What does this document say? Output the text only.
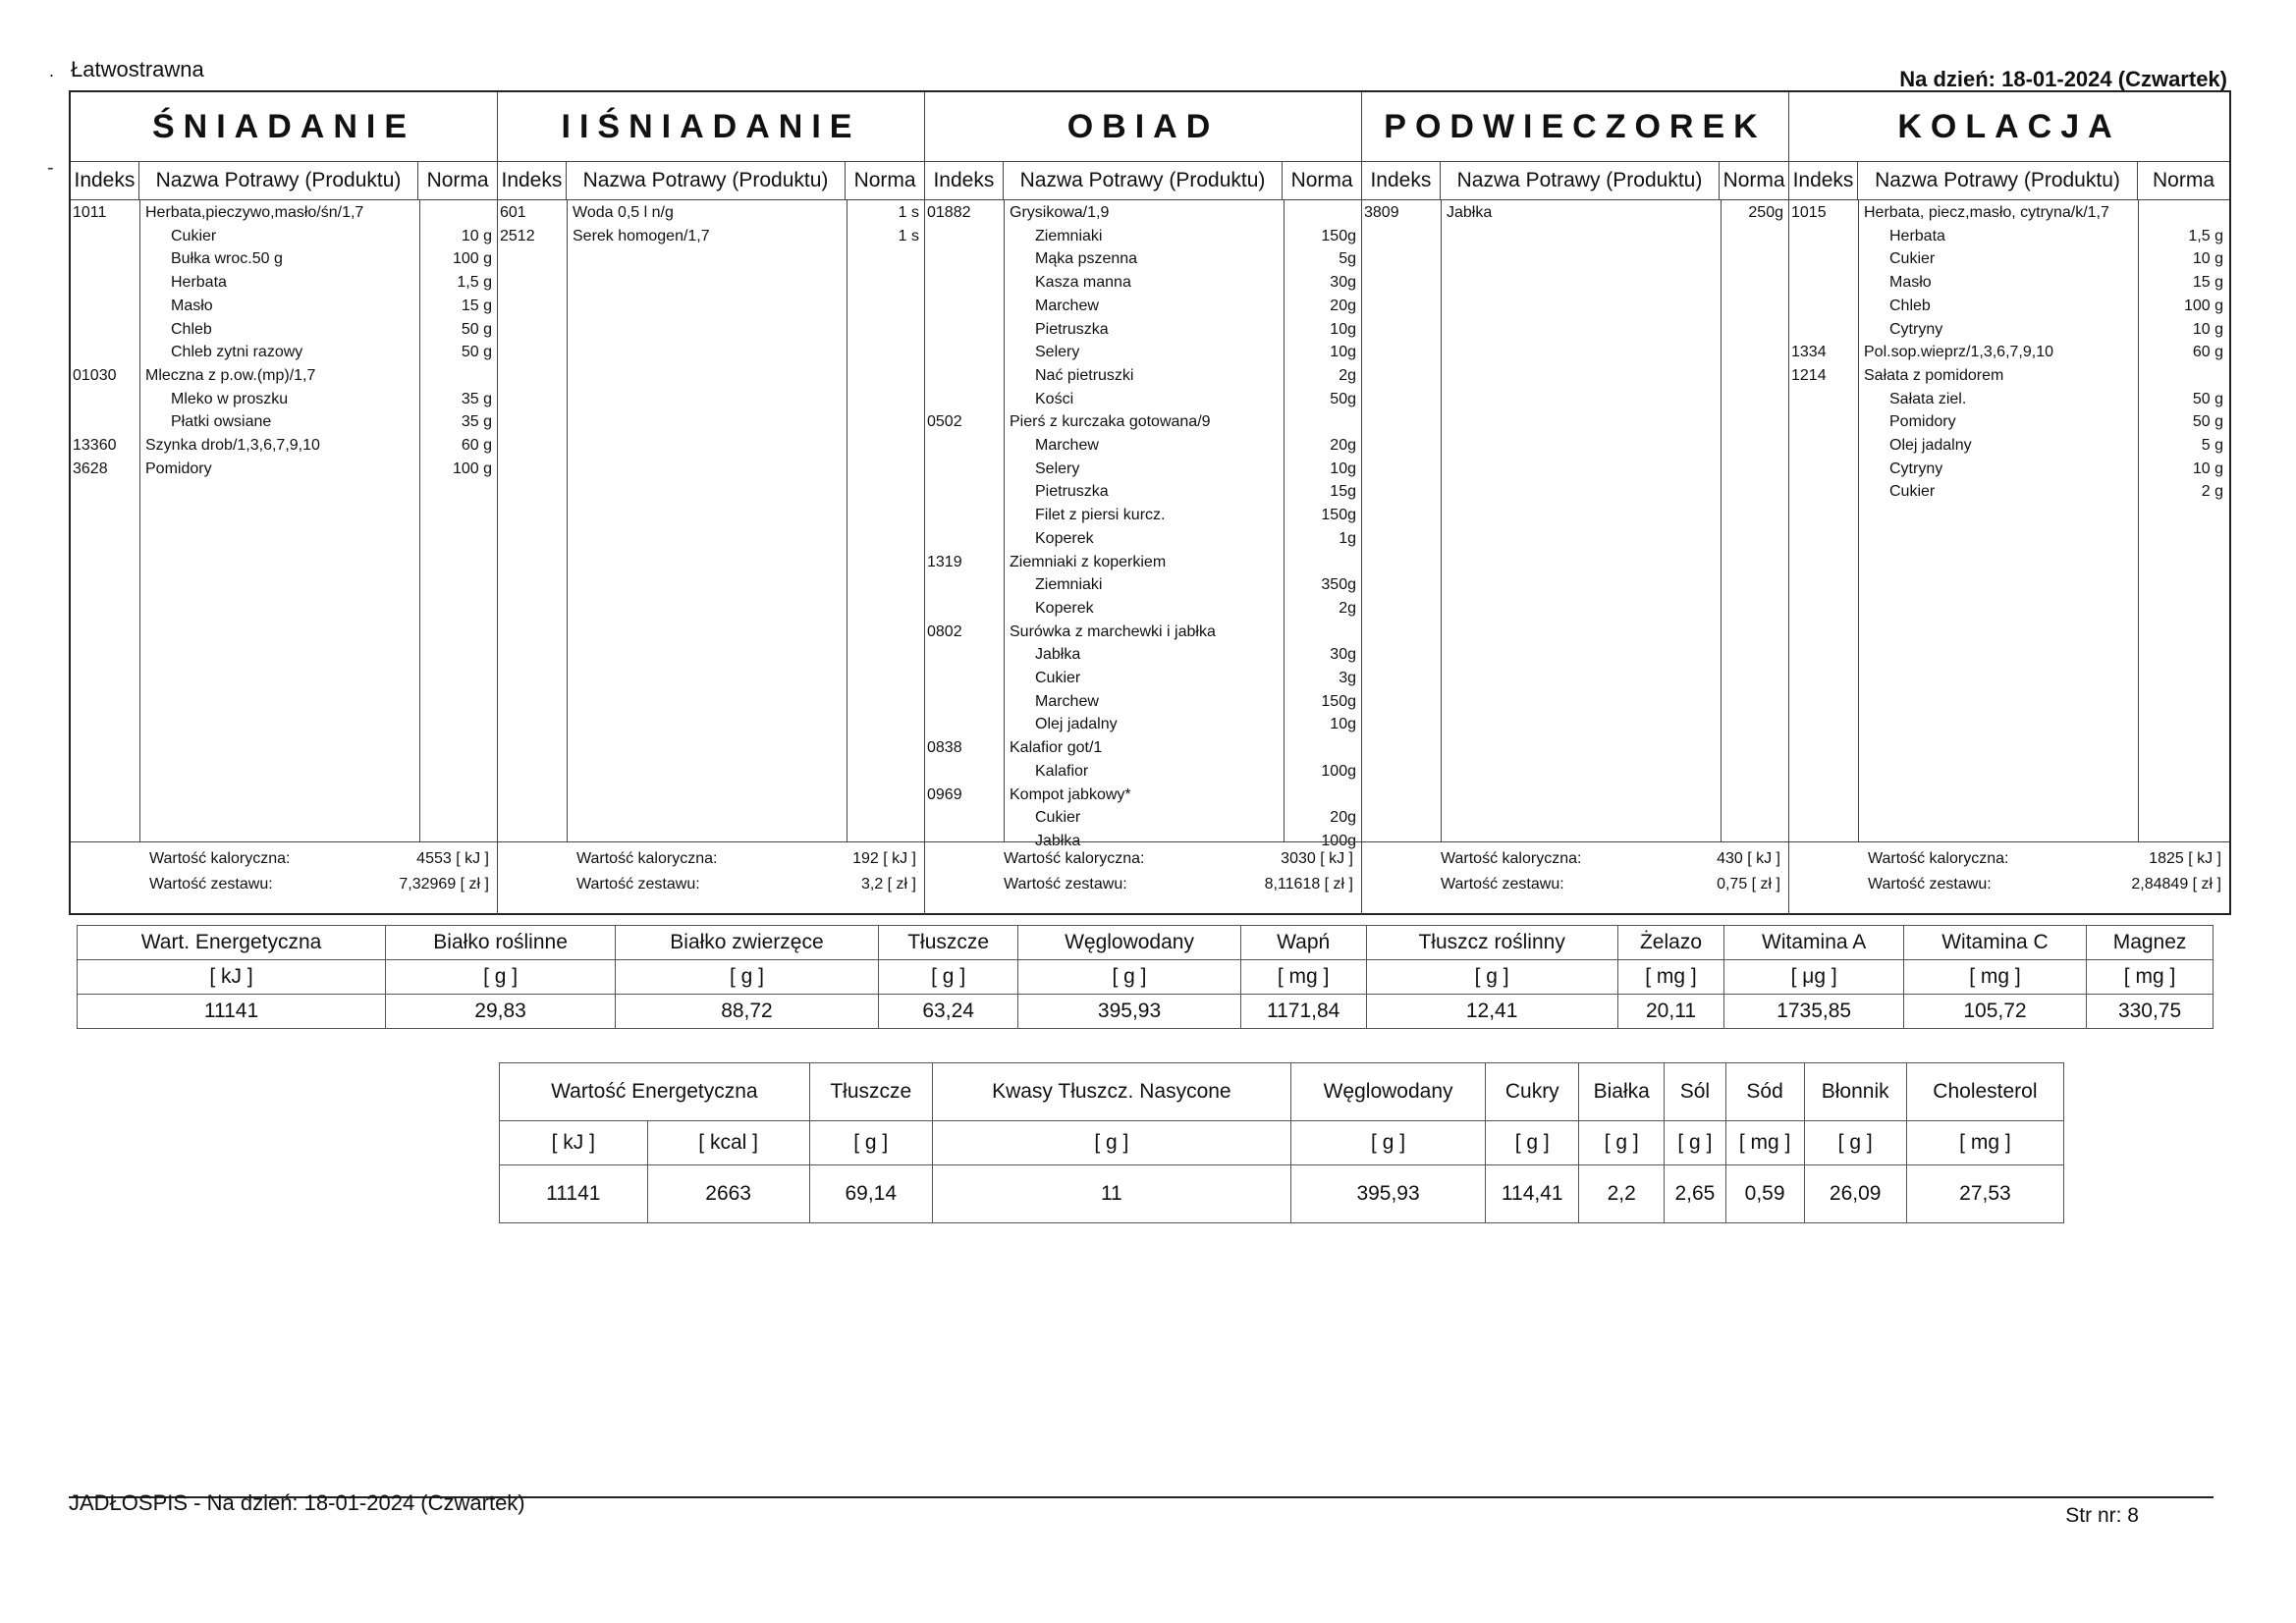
. Łatwostrawna
-
Na dzień: 18-01-2024 (Czwartek)
ŚNIADANIE
Indeks	Nazwa Potrawy (Produktu)	Norma
1011 Herbata,pieczywo,masło/śn/1,7
Cukier	10 g
Bułka wroc.50 g	100 g
Herbata	1,5 g
Masło	15 g
Chleb	50 g
Chleb zytni razowy	50 g
01030 Mleczna z p.ow.(mp)/1,7
Mleko w proszku	35 g
Płatki owsiane	35 g
13360 Szynka drob/1,3,6,7,9,10	60 g
3628 Pomidory	100 g
Wartość kaloryczna:	4553 [ kJ ]
Wartość zestawu:	7,32969 [ zł ]
IIŚNIADANIE
Indeks	Nazwa Potrawy (Produktu)	Norma
601	Woda 0,5 l n/g	1 s
2512 Serek homogen/1,7	1 s
Wartość kaloryczna:	192 [ kJ ]
Wartość zestawu:	3,2 [ zł ]
OBIAD
Indeks	Nazwa Potrawy (Produktu)	Norma
01882 Grysikowa/1,9
Ziemniaki	150g
Mąka pszenna	5g
Kasza manna	30g
Marchew	20g
Pietruszka	10g
Selery	10g
Nać pietruszki	2g
Kości	50g
0502	Pierś z kurczaka gotowana/9
Marchew	20g
Selery	10g
Pietruszka	15g
Filet z piersi kurcz.	150g
Koperek	1g
1319	Ziemniaki z koperkiem
Ziemniaki	350g
Koperek	2g
0802	Surówka z marchewki i jabłka
Jabłka	30g
Cukier	3g
Marchew	150g
Olej jadalny	10g
0838	Kalafior got/1
Kalafior	100g
0969	Kompot jabkowy*
Cukier	20g
Jabłka	100g
Wartość kaloryczna:	3030 [ kJ ]
Wartość zestawu:	8,11618 [ zł ]
PODWIECZOREK
Indeks	Nazwa Potrawy (Produktu)	Norma
3809	Jabłka	250g
Wartość kaloryczna:	430 [ kJ ]
Wartość zestawu:	0,75 [ zł ]
KOLACJA
Indeks	Nazwa Potrawy (Produktu)	Norma
1015 Herbata, piecz,masło, cytryna/k/1,7
Herbata	1,5 g
Cukier	10 g
Masło	15 g
Chleb	100 g
Cytryny	10 g
1334 Pol.sop.wieprz/1,3,6,7,9,10	60 g
1214 Sałata z pomidorem
Sałata ziel.	50 g
Pomidory	50 g
Olej jadalny	5 g
Cytryny	10 g
Cukier	2 g
Wartość kaloryczna:	1825 [ kJ ]
Wartość zestawu:	2,84849 [ zł ]
Wart. Energetyczna	Białko roślinne	Białko zwierzęce	Tłuszcze	Węglowodany	Wapń	Tłuszcz roślinny	Żelazo	Witamina A	Witamina C	Magnez
[ kJ ]	[ g ]	[ g ]	[ g ]	[ g ]	[ mg ]	[ g ]	[ mg ]	[ μg ]	[ mg ]	[ mg ]
11141	29,83	88,72	63,24	395,93	1171,84	12,41	20,11	1735,85	105,72	330,75
Wartość Energetyczna		Tłuszcze	Kwasy Tłuszcz. Nasycone	Węglowodany	Cukry	Białka	Sól	Sód	Błonnik	Cholesterol
[ kJ ]	[ kcal ]	[ g ]	[ g ]	[ g ]	[ g ]	[ g ]	[ g ]	[ mg ]	[ g ]	[ mg ]
11141	2663	69,14	11	395,93	114,41	2,2	2,65	0,59	26,09	27,53
JADŁOSPIS - Na dzień: 18-01-2024 (Czwartek)
Str nr: 8
